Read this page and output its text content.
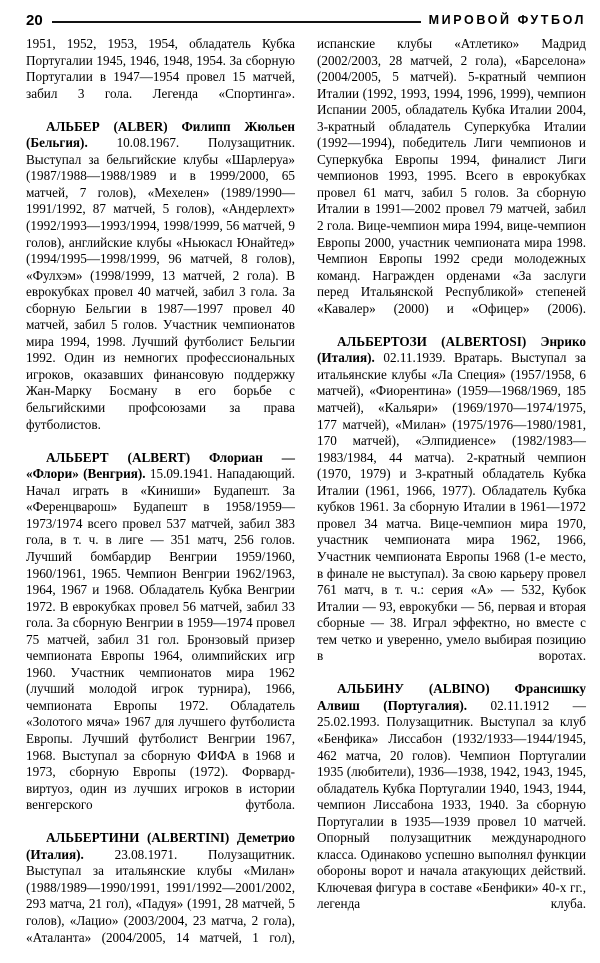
20	МИРОВОЙ ФУТБОЛ

1951, 1952, 1953, 1954, обладатель Кубка Португалии 1945, 1946, 1948, 1954. За сборную Португалии в 1947—1954 провел 15 матчей, забил 3 гола. Легенда «Спортинга».

АЛЬБЕР (ALBER) Филипп Жюльен (Бельгия). 10.08.1967. Полузащитник. Выступал за бельгийские клубы «Шарлеруа» (1987/1988—1988/1989 и в 1999/2000, 65 матчей, 7 голов), «Мехелен» (1989/1990—1991/1992, 87 матчей, 5 голов), «Андерлехт» (1992/1993—1993/1994, 1998/1999, 56 матчей, 9 голов), английские клубы «Ньюкасл Юнайтед» (1994/1995—1998/1999, 96 матчей, 8 голов), «Фулхэм» (1998/1999, 13 матчей, 2 гола). В еврокубках провел 40 матчей, забил 3 гола. За сборную Бельгии в 1987—1997 провел 40 матчей, забил 5 голов. Участник чемпионатов мира 1994, 1998. Лучший футболист Бельгии 1992. Один из немногих профессиональных игроков, оказавших финансовую поддержку Жан-Марку Босману в его борьбе с бельгийскими профсоюзами за права футболистов.

АЛЬБЕРТ (ALBERT) Флориан — «Флори» (Венгрия). 15.09.1941. Нападающий. Начал играть в «Киниши» Будапешт. За «Ференцварош» Будапешт в 1958/1959—1973/1974 всего провел 537 матчей, забил 383 гола, в т. ч. в лиге — 351 матч, 256 голов. Лучший бомбардир Венгрии 1959/1960, 1960/1961, 1965. Чемпион Венгрии 1962/1963, 1964, 1967 и 1968. Обладатель Кубка Венгрии 1972. В еврокубках провел 56 матчей, забил 33 гола. За сборную Венгрии в 1959—1974 провел 75 матчей, забил 31 гол. Бронзовый призер чемпионата Европы 1964, олимпийских игр 1960. Участник чемпионатов мира 1962 (лучший молодой игрок турнира), 1966, чемпионата Европы 1972. Обладатель «Золотого мяча» 1967 для лучшего футболиста Европы. Лучший футболист Венгрии 1967, 1968. Выступал за сборную ФИФА в 1968 и 1973, сборную Европы (1972). Форвард-виртуоз, один из лучших игроков в истории венгерского футбола.

АЛЬБЕРТИНИ (ALBERTINI) Деметрио (Италия). 23.08.1971. Полузащитник. Выступал за итальянские клубы «Милан» (1988/1989—1990/1991, 1991/1992—2001/2002, 293 матча, 21 гол), «Падуя» (1991, 28 матчей, 5 голов), «Лацио» (2003/2004, 23 матча, 2 гола), «Аталанта» (2004/2005, 14 матчей, 1 гол),

испанские клубы «Атлетико» Мадрид (2002/2003, 28 матчей, 2 гола), «Барселона» (2004/2005, 5 матчей). 5-кратный чемпион Италии (1992, 1993, 1994, 1996, 1999), чемпион Испании 2005, обладатель Кубка Италии 2004, 3-кратный обладатель Суперкубка Италии (1992—1994), победитель Лиги чемпионов и Суперкубка Европы 1994, финалист Лиги чемпионов 1993, 1995. Всего в еврокубках провел 61 матч, забил 5 голов. За сборную Италии в 1991—2002 провел 79 матчей, забил 2 гола. Вице-чемпион мира 1994, вице-чемпион Европы 2000, участник чемпионата мира 1998. Чемпион Европы 1992 среди молодежных команд. Награжден орденами «За заслуги перед Итальянской Республикой» степеней «Кавалер» (2000) и «Офицер» (2006).

АЛЬБЕРТОЗИ (ALBERTOSI) Энрико (Италия). 02.11.1939. Вратарь. Выступал за итальянские клубы «Ла Специя» (1957/1958, 6 матчей), «Фиорентина» (1959—1968/1969, 185 матчей), «Кальяри» (1969/1970—1974/1975, 177 матчей), «Милан» (1975/1976—1980/1981, 170 матчей), «Элпидиенсе» (1982/1983—1983/1984, 44 матча). 2-кратный чемпион (1970, 1979) и 3-кратный обладатель Кубка Италии (1961, 1966, 1977). Обладатель Кубка кубков 1961. За сборную Италии в 1961—1972 провел 34 матча. Вице-чемпион мира 1970, участник чемпионата мира 1962, 1966, Участник чемпионата Европы 1968 (1-е место, в финале не выступал). За свою карьеру провел 761 матч, в т. ч.: серия «А» — 532, Кубок Италии — 93, еврокубки — 56, первая и вторая сборные — 38. Играл эффектно, но вместе с тем четко и уверенно, умело выбирая позицию в воротах.

АЛЬБИНУ (ALBINO) Франсишку Алвиш (Португалия). 02.11.1912 — 25.02.1993. Полузащитник. Выступал за клуб «Бенфика» Лиссабон (1932/1933—1944/1945, 462 матча, 20 голов). Чемпион Португалии 1935 (любители), 1936—1938, 1942, 1943, 1945, обладатель Кубка Португалии 1940, 1943, 1944, чемпион Лиссабона 1933, 1940. За сборную Португалии в 1935—1939 провел 10 матчей. Опорный полузащитник международного класса. Одинаково успешно выполнял функции обороны ворот и начала атакующих действий. Ключевая фигура в составе «Бенфики» 40-х гг., легенда клуба.
